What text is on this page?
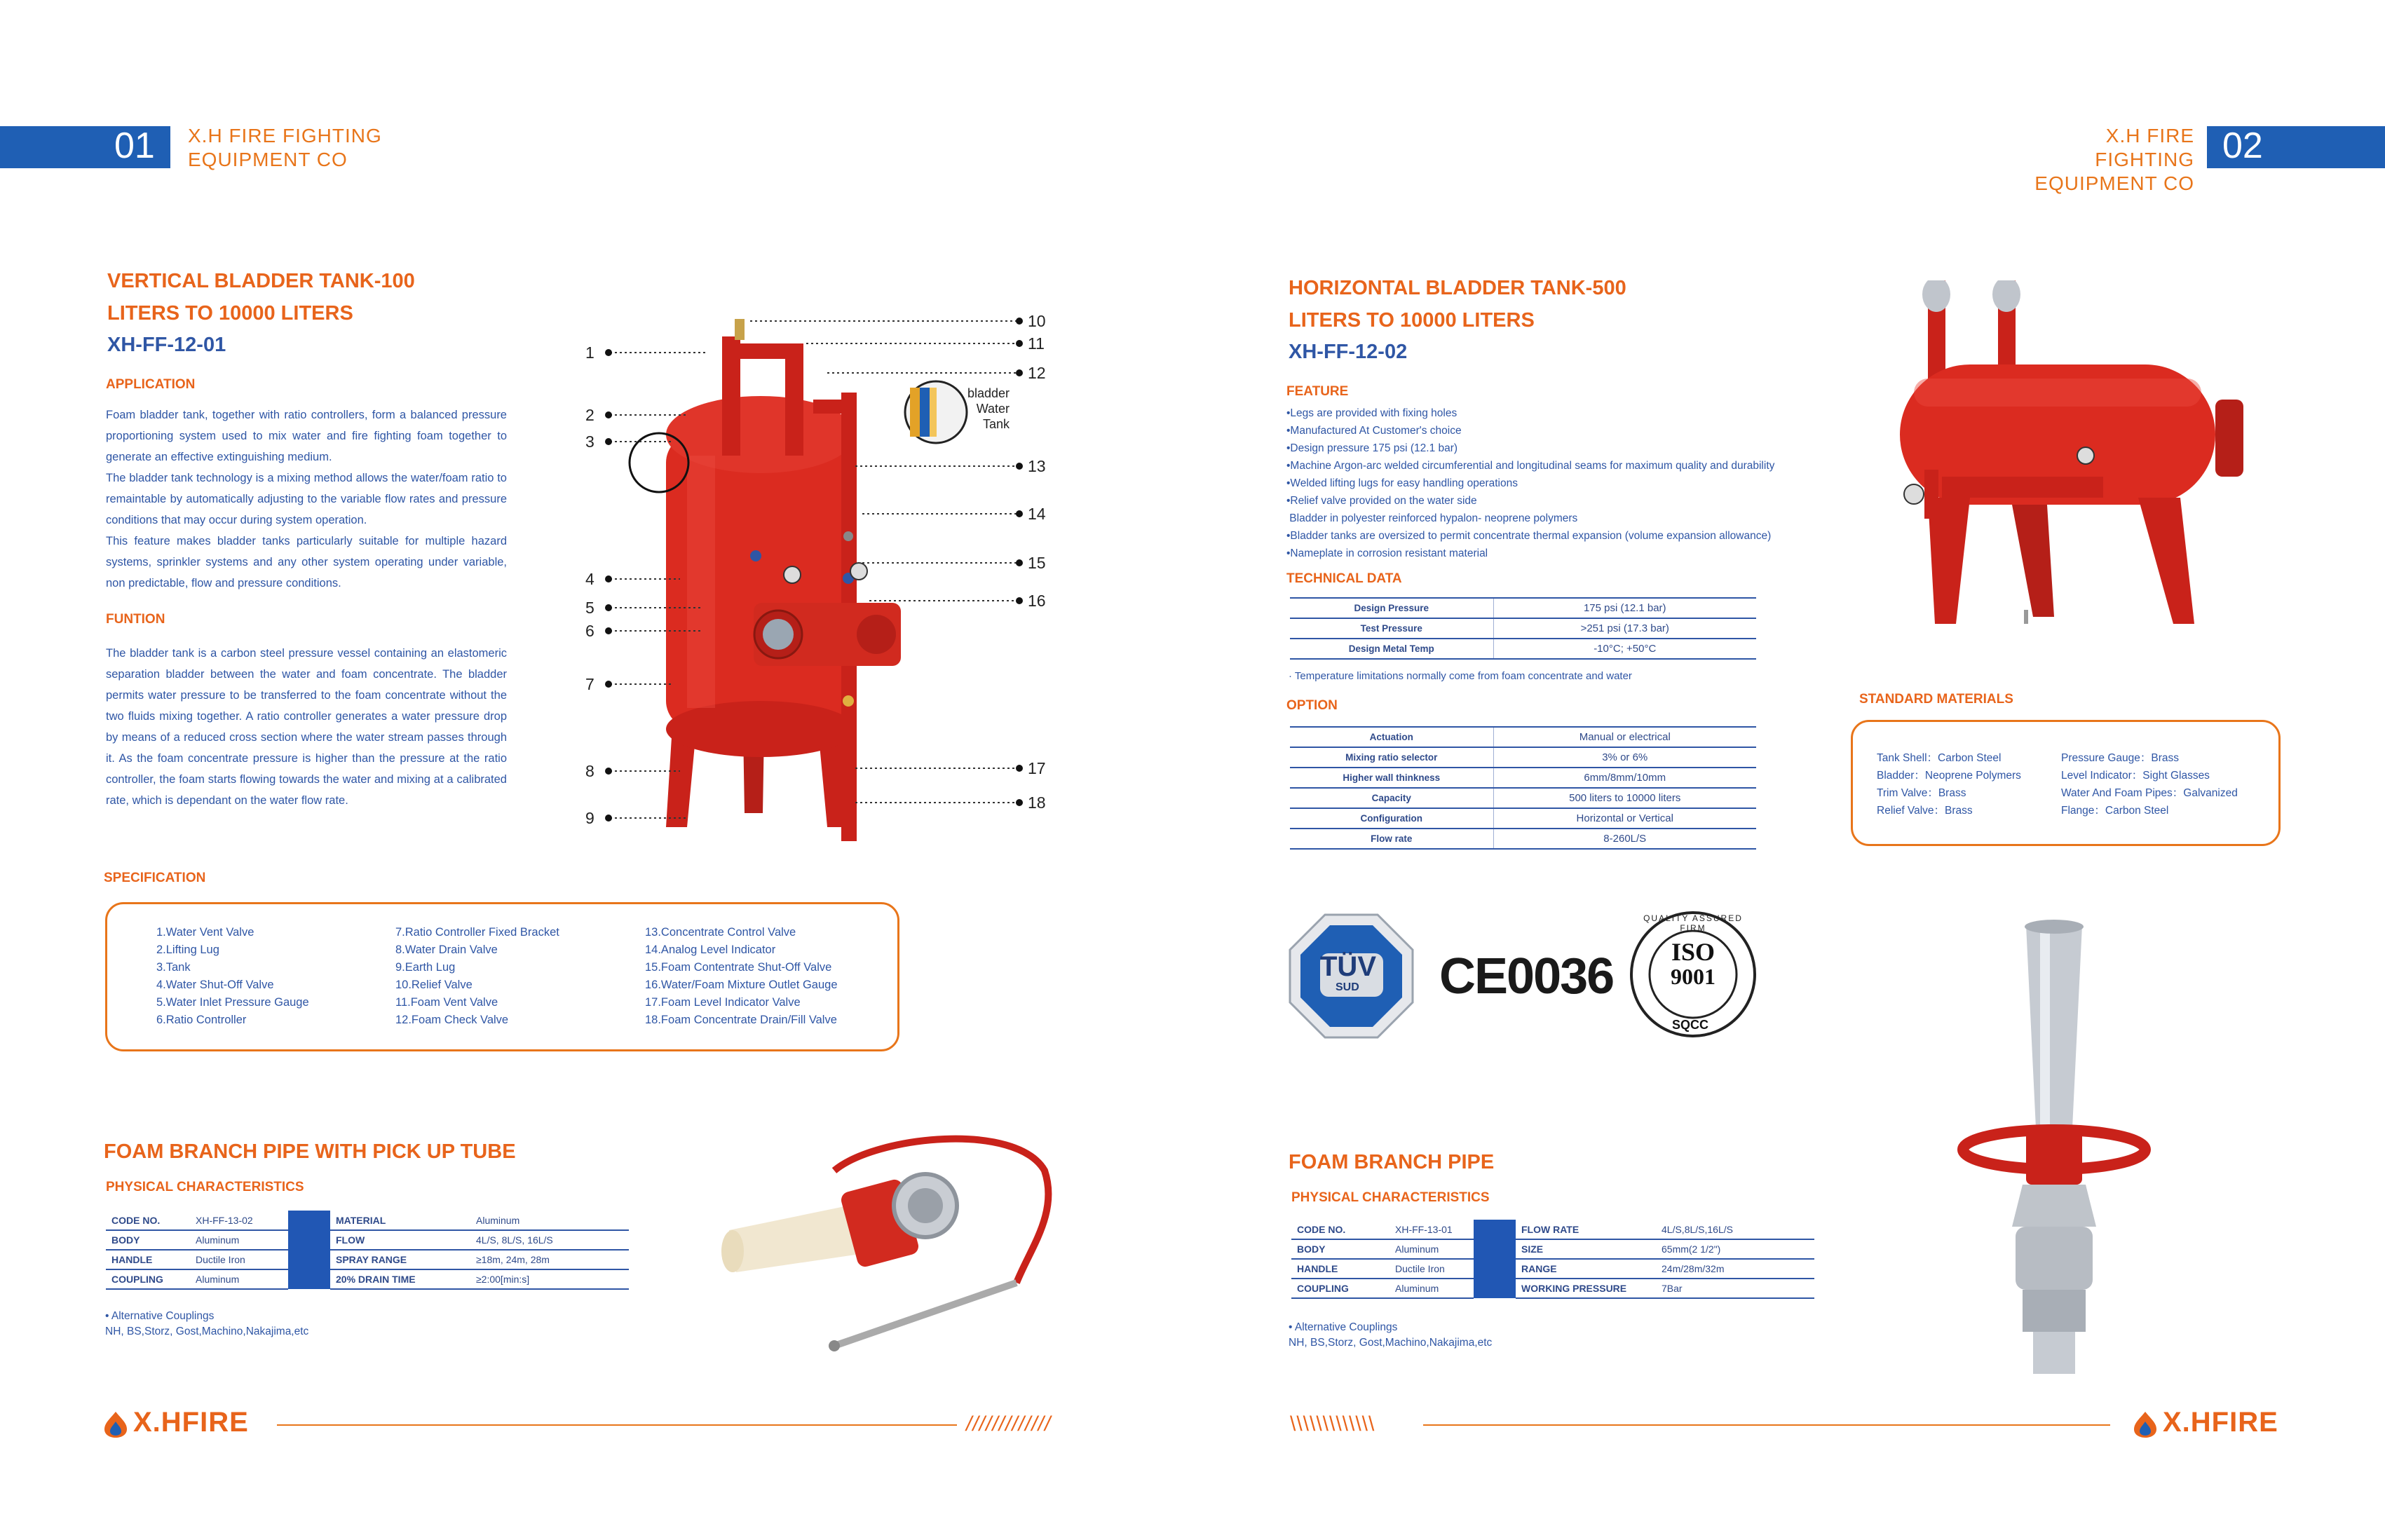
01 X.H FIRE FIGHTING
EQUIPMENT CO
VERTICAL BLADDER TANK-100
LITERS TO 10000 LITERS
XH-FF-12-01
APPLICATION
Foam bladder tank, together with ratio controllers, form a balanced pressure proportioning system used to mix water and fire fighting foam together to generate an effective extinguishing medium.
The bladder tank technology is a mixing method allows the water/foam ratio to remaintable by automatically adjusting to the variable flow rates and pressure conditions that may occur during system operation.
This feature makes bladder tanks particularly suitable for multiple hazard systems, sprinkler systems and any other system operating under variable, non predictable, flow and pressure conditions.
FUNTION
The bladder tank is a carbon steel pressure vessel containing an elastomeric separation bladder between the water and foam concentrate. The bladder permits water pressure to be transferred to the foam concentrate without the two fluids mixing together. A ratio controller generates a water pressure drop by means of a reduced cross section where the water stream passes through it. As the foam concentrate pressure is higher than the pressure at the ratio controller, the foam starts flowing towards the water and mixing at a calibrated rate, which is dependant on the water flow rate.
bladder
Water
Tank
1
2
3
4
5
6
7
8
9
10
11
12
13
14
15
16
17
18
SPECIFICATION
1.Water Vent Valve
2.Lifting Lug
3.Tank
4.Water Shut-Off Valve
5.Water Inlet Pressure Gauge
6.Ratio Controller
7.Ratio Controller Fixed Bracket
8.Water Drain Valve
9.Earth Lug
10.Relief Valve
11.Foam Vent Valve
12.Foam Check Valve
13.Concentrate Control Valve
14.Analog Level Indicator
15.Foam Contentrate Shut-Off Valve
16.Water/Foam Mixture Outlet Gauge
17.Foam Level Indicator Valve
18.Foam Concentrate Drain/Fill Valve
FOAM BRANCH PIPE WITH PICK UP TUBE
PHYSICAL CHARACTERISTICS
CODE NO.	XH-FF-13-02		MATERIAL	Aluminum
BODY	Aluminum		FLOW	4L/S, 8L/S, 16L/S
HANDLE	Ductile Iron		SPRAY RANGE	≥18m, 24m, 28m
COUPLING	Aluminum		20% DRAIN TIME	≥2:00[min:s]
• Alternative Couplings
NH, BS,Storz, Gost,Machino,Nakajima,etc
X.HFIRE	/////////////
02
X.H FIRE FIGHTING
EQUIPMENT CO
HORIZONTAL BLADDER TANK-500
LITERS TO 10000 LITERS
XH-FF-12-02
FEATURE
•Legs are provided with fixing holes
•Manufactured At Customer's choice
•Design pressure 175 psi (12.1 bar)
•Machine Argon-arc welded circumferential and longitudinal seams for maximum quality and durability
•Welded lifting lugs for easy handling operations
•Relief valve provided on the water side
Bladder in polyester reinforced hypalon- neoprene polymers
•Bladder tanks are oversized to permit concentrate thermal expansion (volume expansion allowance)
•Nameplate in corrosion resistant material
TECHNICAL DATA
Design Pressure	175 psi (12.1 bar)
Test Pressure	>251 psi (17.3 bar)
Design Metal Temp	-10°C; +50°C
· Temperature limitations normally come from foam concentrate and water
OPTION
Actuation	Manual or electrical
Mixing ratio selector	3% or 6%
Higher wall thinkness	6mm/8mm/10mm
Capacity	500 liters to 10000 liters
Configuration	Horizontal or Vertical
Flow rate	8-260L/S
STANDARD MATERIALS
Tank Shell：Carbon Steel
Bladder：Neoprene Polymers
Trim Valve：Brass
Relief Valve：Brass
Pressure Gauge：Brass
Level Indicator：Sight Glasses
Water And Foam Pipes：Galvanized
Flange：Carbon Steel
TÜV
SUD CE0036	ISO
9001
QUALITY ASSURED FIRM
SQCC
FOAM BRANCH PIPE
PHYSICAL CHARACTERISTICS
CODE NO.	XH-FF-13-01		FLOW RATE	4L/S,8L/S,16L/S
BODY	Aluminum		SIZE	65mm(2 1/2")
HANDLE	Ductile Iron		RANGE	24m/28m/32m
COUPLING	Aluminum		WORKING PRESSURE	7Bar
• Alternative Couplings
NH, BS,Storz, Gost,Machino,Nakajima,etc
\\\\\\\\\\\\\	X.HFIRE
